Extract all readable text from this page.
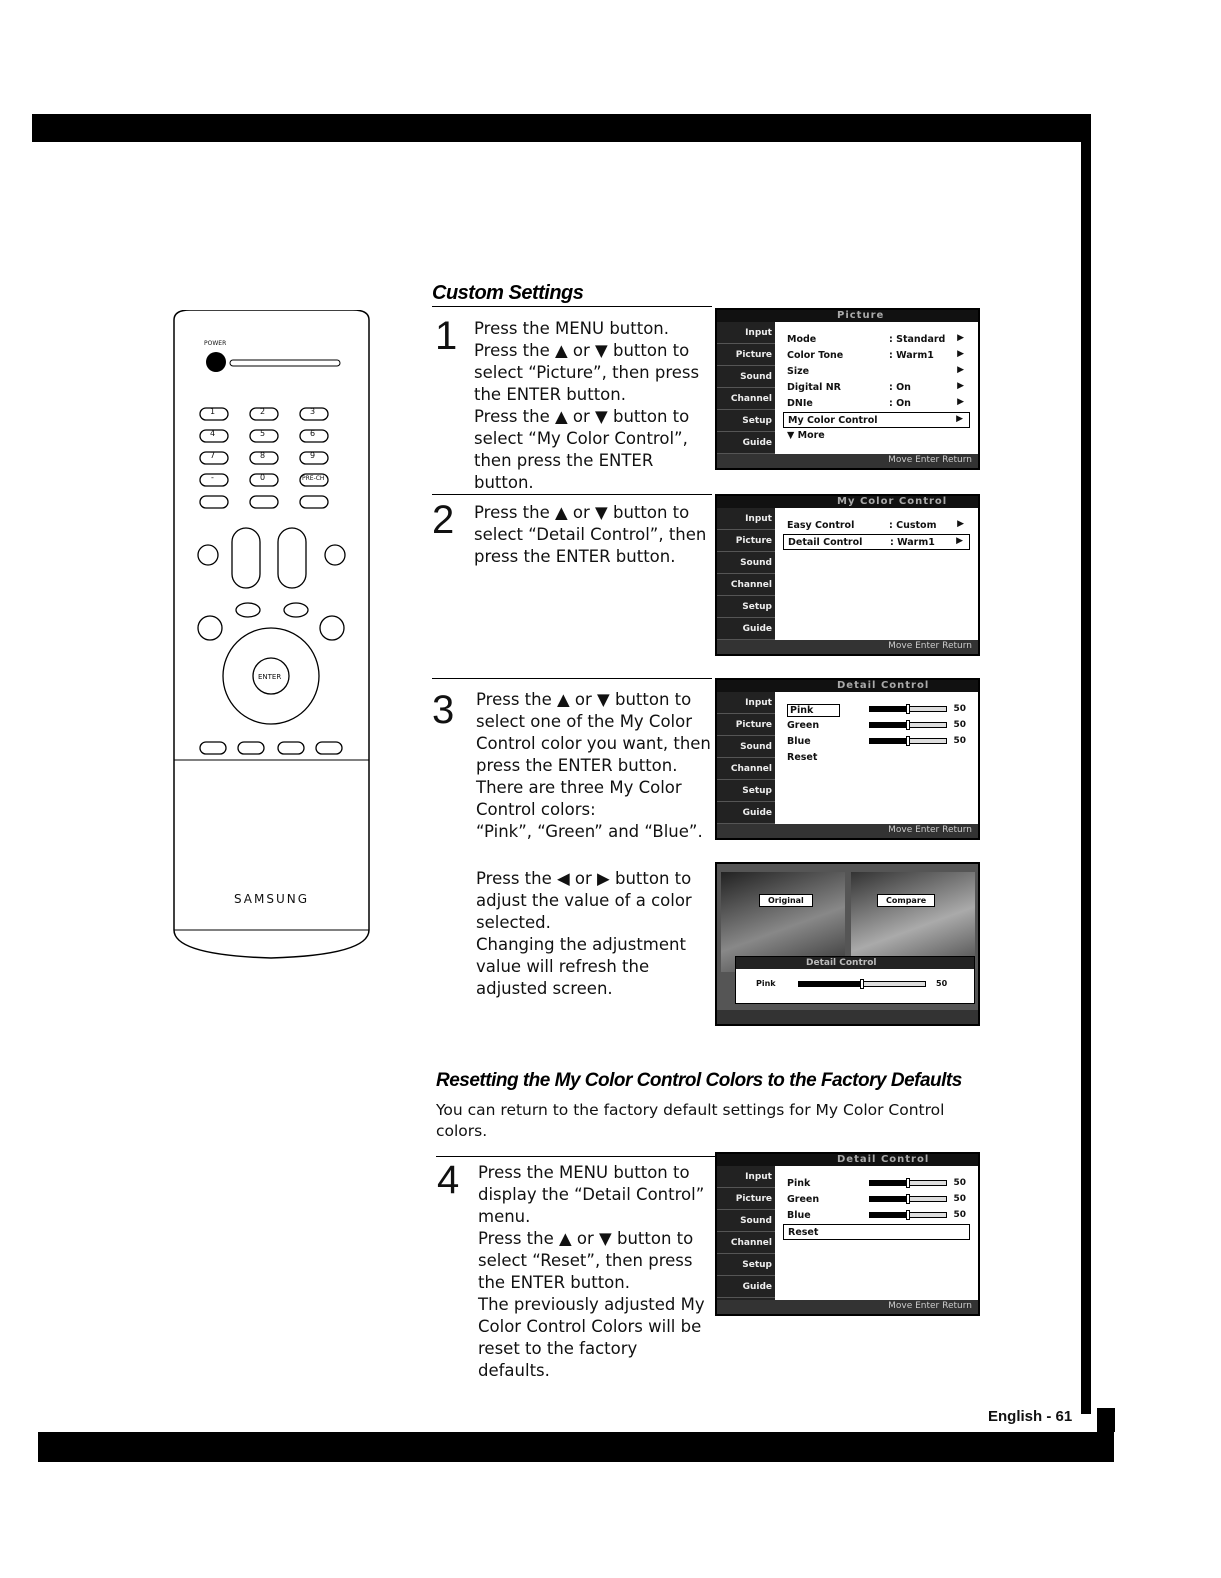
1	2	3
4	5	6
7	8	9
-	0	PRE-CH
POWER
ENTER
SAMSUNG
Custom Settings
1 Press the MENU button.

Press the ▲ or ▼ button to select “Picture”, then press the ENTER button.

Press the ▲ or ▼ button to select “My Color Control”, then press the ENTER button.

2 Press the ▲ or ▼ button to select “Detail Control”, then press the ENTER button.

3 Press the ▲ or ▼ button to select one of the My Color Control color you want, then press the ENTER button.

There are three My Color Control colors:

“Pink”, “Green” and “Blue”.

Press the ◀ or ▶ button to adjust the value of a color selected.

Changing the adjustment value will refresh the adjusted screen.

Picture
Input
Picture
Sound
Channel
Setup
Guide
Mode	: Standard ▶
Color Tone	: Warm1	▶
Size	▶
Digital NR	: On	▶
DNIe	: On	▶
My Color Control	▶
▼ More
Move Enter Return
My Color Control
Input
Picture
Sound
Channel
Setup
Guide
Easy Control	: Custom ▶
Detail Control	: Warm1 ▶
Move Enter Return
Detail Control
Input
Picture
Sound
Channel
Setup
Guide
Pink	50
Green	50
Blue	50
Reset
Move Enter Return
Original	Compare
Detail Control
Pink	50
Resetting the My Color Control Colors to the Factory Defaults
You can return to the factory default settings for My Color Control colors.
4 Press the MENU button to display the “Detail Control” menu.

Press the ▲ or ▼ button to select “Reset”, then press the ENTER button.

The previously adjusted My Color Control Colors will be reset to the factory defaults.

Detail Control
Input
Picture
Sound
Channel
Setup
Guide
Pink	50
Green	50
Blue	50
Reset
Move Enter Return
English - 61
